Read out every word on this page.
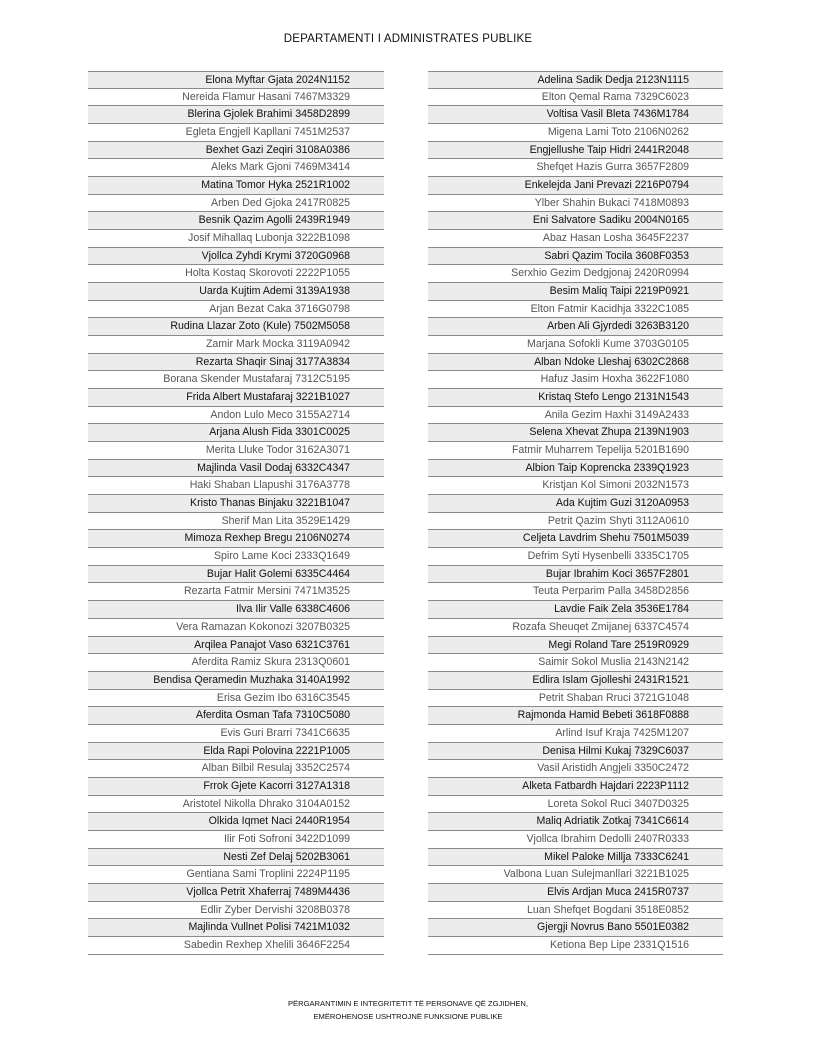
DEPARTAMENTI I ADMINISTRATES PUBLIKE
Elona Myftar Gjata 2024N1152
Nereida Flamur Hasani 7467M3329
Blerina Gjolek Brahimi 3458D2899
Egleta Engjell Kapllani 7451M2537
Bexhet Gazi Zeqiri 3108A0386
Aleks Mark Gjoni 7469M3414
Matina Tomor Hyka 2521R1002
Arben Ded Gjoka 2417R0825
Besnik Qazim Agolli 2439R1949
Josif Mihallaq Lubonja 3222B1098
Vjollca Zyhdi Krymi 3720G0968
Holta Kostaq Skorovoti 2222P1055
Uarda Kujtim Ademi 3139A1938
Arjan Bezat Caka 3716G0798
Rudina Llazar Zoto (Kule) 7502M5058
Zamir Mark Mocka 3119A0942
Rezarta Shaqir Sinaj 3177A3834
Borana Skender Mustafaraj 7312C5195
Frida Albert Mustafaraj 3221B1027
Andon Lulo Meco 3155A2714
Arjana Alush Fida 3301C0025
Merita Lluke Todor 3162A3071
Majlinda Vasil Dodaj 6332C4347
Haki Shaban Llapushi 3176A3778
Kristo Thanas Binjaku 3221B1047
Sherif Man Lita 3529E1429
Mimoza Rexhep Bregu 2106N0274
Spiro Lame Koci 2333Q1649
Bujar Halit Golemi 6335C4464
Rezarta Fatmir Mersini 7471M3525
Ilva Ilir Valle 6338C4606
Vera Ramazan Kokonozi 3207B0325
Arqilea Panajot Vaso 6321C3761
Aferdita Ramiz Skura 2313Q0601
Bendisa Qeramedin Muzhaka 3140A1992
Erisa Gezim Ibo 6316C3545
Aferdita Osman Tafa 7310C5080
Evis Guri Brarri 7341C6635
Elda Rapi Polovina 2221P1005
Alban Bilbil Resulaj 3352C2574
Frrok Gjete Kacorri 3127A1318
Aristotel Nikolla Dhrako 3104A0152
Olkida Iqmet Naci 2440R1954
Ilir Foti Sofroni 3422D1099
Nesti Zef Delaj 5202B3061
Gentiana Sami Troplini 2224P1195
Vjollca Petrit Xhaferraj 7489M4436
Edlir Zyber Dervishi 3208B0378
Majlinda Vullnet Polisi 7421M1032
Sabedin Rexhep Xhelili 3646F2254
Adelina Sadik Dedja 2123N1115
Elton Qemal Rama 7329C6023
Voltisa Vasil Bleta 7436M1784
Migena Lami Toto 2106N0262
Engjellushe Taip Hidri 2441R2048
Shefqet Hazis Gurra 3657F2809
Enkelejda Jani Prevazi 2216P0794
Ylber Shahin Bukaci 7418M0893
Eni Salvatore Sadiku 2004N0165
Abaz Hasan Losha 3645F2237
Sabri Qazim Tocila 3608F0353
Serxhio Gezim Dedgjonaj 2420R0994
Besim Maliq Taipi 2219P0921
Elton Fatmir Kacidhja 3322C1085
Arben Ali Gjyrdedi 3263B3120
Marjana Sofokli Kume 3703G0105
Alban Ndoke Lleshaj 6302C2868
Hafuz Jasim Hoxha 3622F1080
Kristaq Stefo Lengo 2131N1543
Anila Gezim Haxhi 3149A2433
Selena Xhevat Zhupa 2139N1903
Fatmir Muharrem Tepelija 5201B1690
Albion Taip Koprencka 2339Q1923
Kristjan Kol Simoni 2032N1573
Ada Kujtim Guzi 3120A0953
Petrit Qazim Shyti 3112A0610
Celjeta Lavdrim Shehu 7501M5039
Defrim Syti Hysenbelli 3335C1705
Bujar Ibrahim Koci 3657F2801
Teuta Perparim Palla 3458D2856
Lavdie Faik Zela 3536E1784
Rozafa Sheuqet Zmijanej 6337C4574
Megi Roland Tare 2519R0929
Saimir Sokol Muslia 2143N2142
Edlira Islam Gjolleshi 2431R1521
Petrit Shaban Rruci 3721G1048
Rajmonda Hamid Bebeti 3618F0888
Arlind Isuf Kraja 7425M1207
Denisa Hilmi Kukaj 7329C6037
Vasil Aristidh Angjeli 3350C2472
Alketa Fatbardh Hajdari 2223P1112
Loreta Sokol Ruci 3407D0325
Maliq Adriatik Zotkaj 7341C6614
Vjollca Ibrahim Dedolli 2407R0333
Mikel Paloke Millja 7333C6241
Valbona Luan Sulejmanllari 3221B1025
Elvis Ardjan Muca 2415R0737
Luan Shefqet Bogdani 3518E0852
Gjergji Novrus Bano 5501E0382
Ketiona Bep Lipe 2331Q1516
PËRGARANTIMIN E INTEGRITETIT TË PERSONAVE QË ZGJIDHEN,
EMËROHENOSE USHTROJNË FUNKSIONE PUBLIKE
